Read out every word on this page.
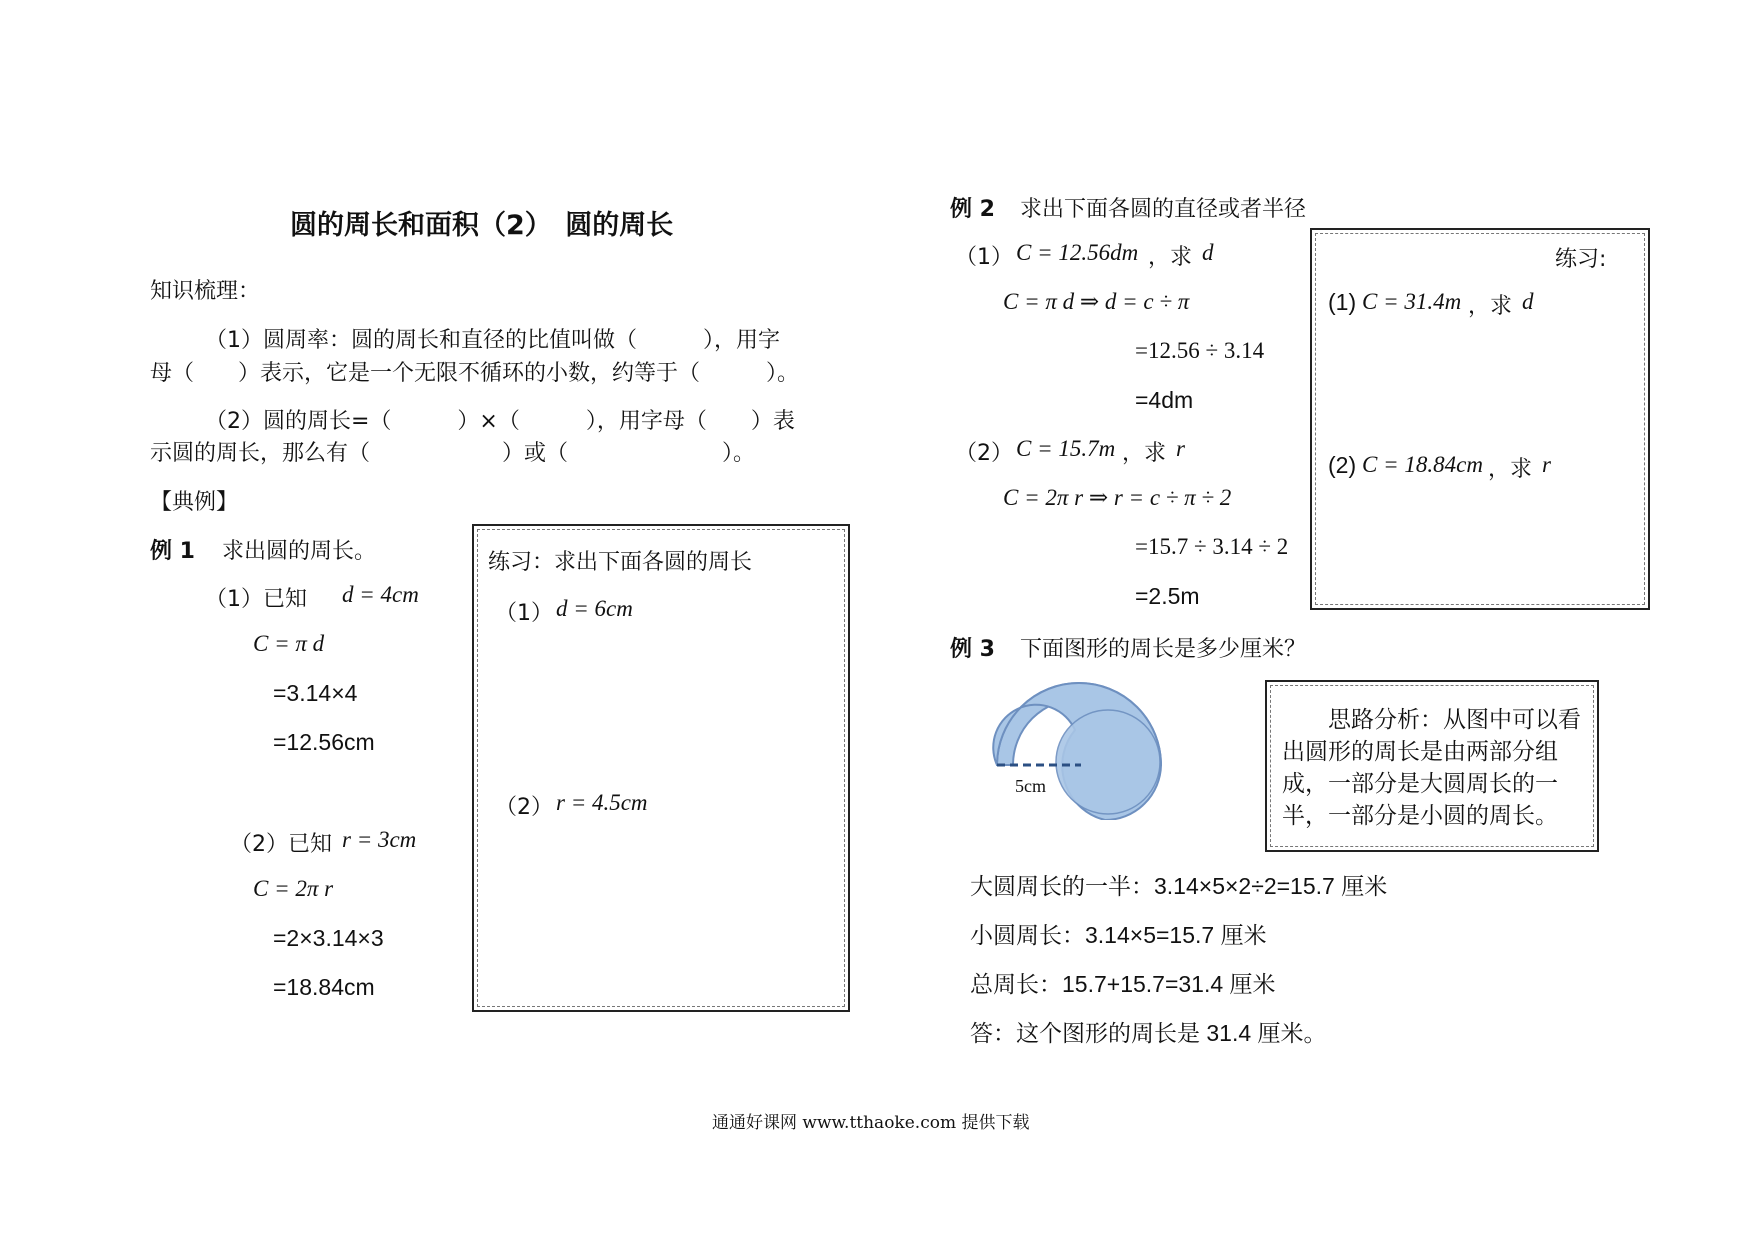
圆的周长和面积（2）　圆的周长
知识梳理：
（1）圆周率：圆的周长和直径的比值叫做（　　　），用字
母（　　）表示，它是一个无限不循环的小数，约等于（　　　）。
（2）圆的周长=（　　　）×（　　　），用字母（　　）表
示圆的周长，那么有（　　　　　　）或（　　　　　　　）。
【典例】
例 1 求出圆的周长。
（1）已知 d = 4cm
C = π d
=3.14×4
=12.56cm
（2）已知 r = 3cm
C = 2π r
=2×3.14×3
=18.84cm
练习：求出下面各圆的周长
（1） d = 6cm
（2） r = 4.5cm
例 2 求出下面各圆的直径或者半径
（1） C = 12.56dm ，求 d
C = π d ⇒ d = c ÷ π
=12.56 ÷ 3.14
=4dm
（2） C = 15.7m ，求 r
C = 2π r ⇒ r = c ÷ π ÷ 2
=15.7 ÷ 3.14 ÷ 2
=2.5m
练习:
(1) C = 31.4m ，求 d
(2) C = 18.84cm ，求 r
例 3 下面图形的周长是多少厘米？
5cm
思路分析：从图中可以看出圆形的周长是由两部分组成，一部分是大圆周长的一半，一部分是小圆的周长。
大圆周长的一半：3.14×5×2÷2=15.7 厘米
小圆周长：3.14×5=15.7 厘米
总周长：15.7+15.7=31.4 厘米
答：这个图形的周长是 31.4 厘米。
通通好课网 www.tthaoke.com 提供下载
